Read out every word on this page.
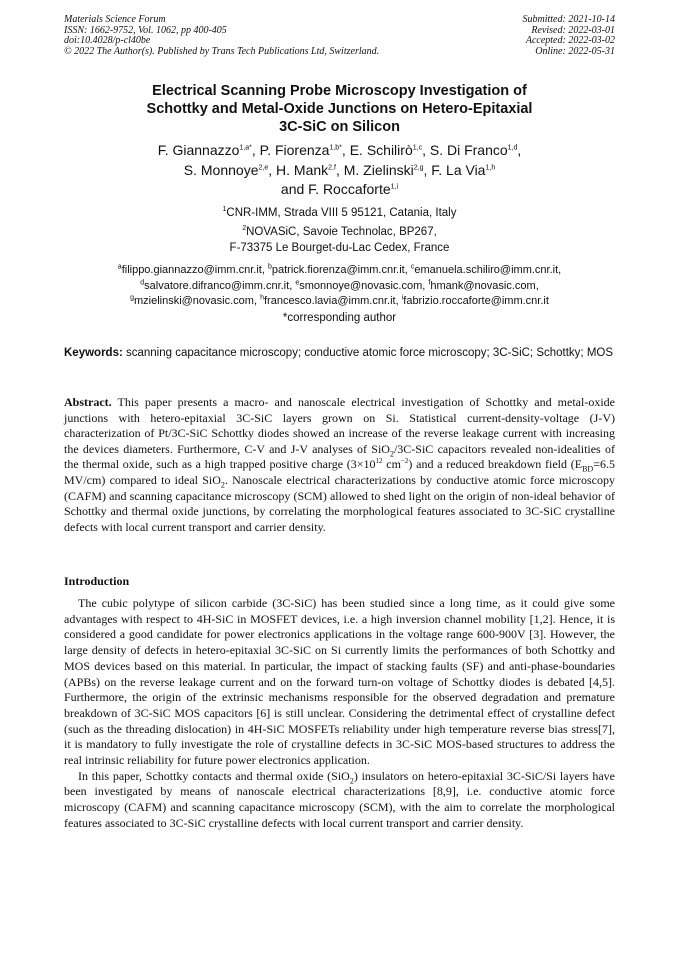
Materials Science Forum
ISSN: 1662-9752, Vol. 1062, pp 400-405
doi:10.4028/p-cl40be
© 2022 The Author(s). Published by Trans Tech Publications Ltd, Switzerland.
Submitted: 2021-10-14
Revised: 2022-03-01
Accepted: 2022-03-02
Online: 2022-05-31
Electrical Scanning Probe Microscopy Investigation of
Schottky and Metal-Oxide Junctions on Hetero-Epitaxial
3C-SiC on Silicon
F. Giannazzo$^{1,a*}$, P. Fiorenza$^{1,b*}$, E. Schilirò$^{1,c}$, S. Di Franco$^{1,d}$,
S. Monnoye$^{2,e}$, H. Mank$^{2,f}$, M. Zielinski$^{2,g}$, F. La Via$^{1,h}$
and F. Roccaforte$^{1,i}$
$^1$CNR-IMM, Strada VIII 5 95121, Catania, Italy
$^2$NOVASiC, Savoie Technolac, BP267,
F-73375 Le Bourget-du-Lac Cedex, France
$^a$filippo.giannazzo@imm.cnr.it, $^b$patrick.fiorenza@imm.cnr.it, $^c$emanuela.schiliro@imm.cnr.it,
$^d$salvatore.difranco@imm.cnr.it, $^e$smonnoye@novasic.com, $^f$hmank@novasic.com,
$^g$mzielinski@novasic.com, $^h$francesco.lavia@imm.cnr.it, $^i$fabrizio.roccaforte@imm.cnr.it
*corresponding author
Keywords: scanning capacitance microscopy; conductive atomic force microscopy; 3C-SiC; Schottky; MOS
Abstract. This paper presents a macro- and nanoscale electrical investigation of Schottky and metal-oxide junctions with hetero-epitaxial 3C-SiC layers grown on Si. Statistical current-density-voltage (J-V) characterization of Pt/3C-SiC Schottky diodes showed an increase of the reverse leakage current with increasing the devices diameters. Furthermore, C-V and J-V analyses of SiO$_2$/3C-SiC capacitors revealed non-idealities of the thermal oxide, such as a high trapped positive charge ($3\times 10^{12}$ $cm^{-2}$) and a reduced breakdown field ($E_{BD}=6.5$ MV/cm) compared to ideal SiO$_2$. Nanoscale electrical characterizations by conductive atomic force microscopy (CAFM) and scanning capacitance microscopy (SCM) allowed to shed light on the origin of non-ideal behavior of Schottky and thermal oxide junctions, by correlating the morphological features associated to 3C-SiC crystalline defects with local current transport and carrier density.
Introduction

The cubic polytype of silicon carbide (3C-SiC) has been studied since a long time, as it could give some advantages with respect to 4H-SiC in MOSFET devices, i.e. a high inversion channel mobility [1,2]. Hence, it is considered a good candidate for power electronics applications in the voltage range 600-900V [3]. However, the large density of defects in hetero-epitaxial 3C-SiC on Si currently limits the performances of both Schottky and MOS devices based on this material. In particular, the impact of stacking faults (SF) and anti-phase-boundaries (APBs) on the reverse leakage current and on the forward turn-on voltage of Schottky diodes is debated [4,5]. Furthermore, the origin of the extrinsic mechanisms responsible for the observed degradation and premature breakdown of 3C-SiC MOS capacitors [6] is still unclear. Considering the detrimental effect of crystalline defect (such as the threading dislocation) in 4H-SiC MOSFETs reliability under high temperature reverse bias stress[7], it is mandatory to fully investigate the role of crystalline defects in 3C-SiC MOS-based structures to address the real intrinsic reliability for future power electronics application.

In this paper, Schottky contacts and thermal oxide (SiO$_2$) insulators on hetero-epitaxial 3C-SiC/Si layers have been investigated by means of nanoscale electrical characterizations [8,9], i.e. conductive atomic force microscopy (CAFM) and scanning capacitance microscopy (SCM), with the aim to correlate the morphological features associated to 3C-SiC crystalline defects with local current transport and carrier density.
